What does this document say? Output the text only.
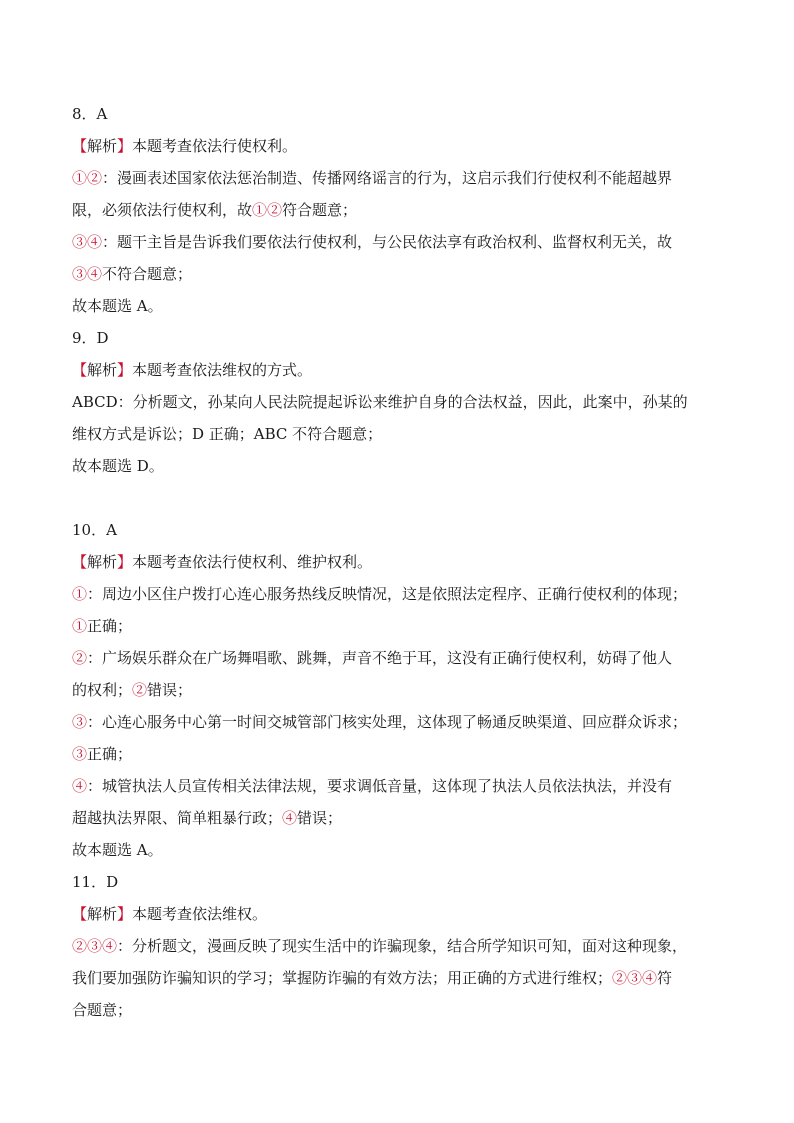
8．A
【解析】本题考查依法行使权利。
①②：漫画表述国家依法惩治制造、传播网络谣言的行为，这启示我们行使权利不能超越界
限，必须依法行使权利，故①②符合题意；
③④：题干主旨是告诉我们要依法行使权利，与公民依法享有政治权利、监督权利无关，故
③④不符合题意；
故本题选 A。
9．D
【解析】本题考查依法维权的方式。
ABCD：分析题文，孙某向人民法院提起诉讼来维护自身的合法权益，因此，此案中，孙某的
维权方式是诉讼；D 正确；ABC 不符合题意；
故本题选 D。
10．A
【解析】本题考查依法行使权利、维护权利。
①：周边小区住户拨打心连心服务热线反映情况，这是依照法定程序、正确行使权利的体现；
①正确；
②：广场娱乐群众在广场舞唱歌、跳舞，声音不绝于耳，这没有正确行使权利，妨碍了他人
的权利；②错误；
③：心连心服务中心第一时间交城管部门核实处理，这体现了畅通反映渠道、回应群众诉求；
③正确；
④：城管执法人员宣传相关法律法规，要求调低音量，这体现了执法人员依法执法，并没有
超越执法界限、简单粗暴行政；④错误；
故本题选 A。
11．D
【解析】本题考查依法维权。
②③④：分析题文，漫画反映了现实生活中的诈骗现象，结合所学知识可知，面对这种现象，
我们要加强防诈骗知识的学习；掌握防诈骗的有效方法；用正确的方式进行维权；②③④符
合题意；
